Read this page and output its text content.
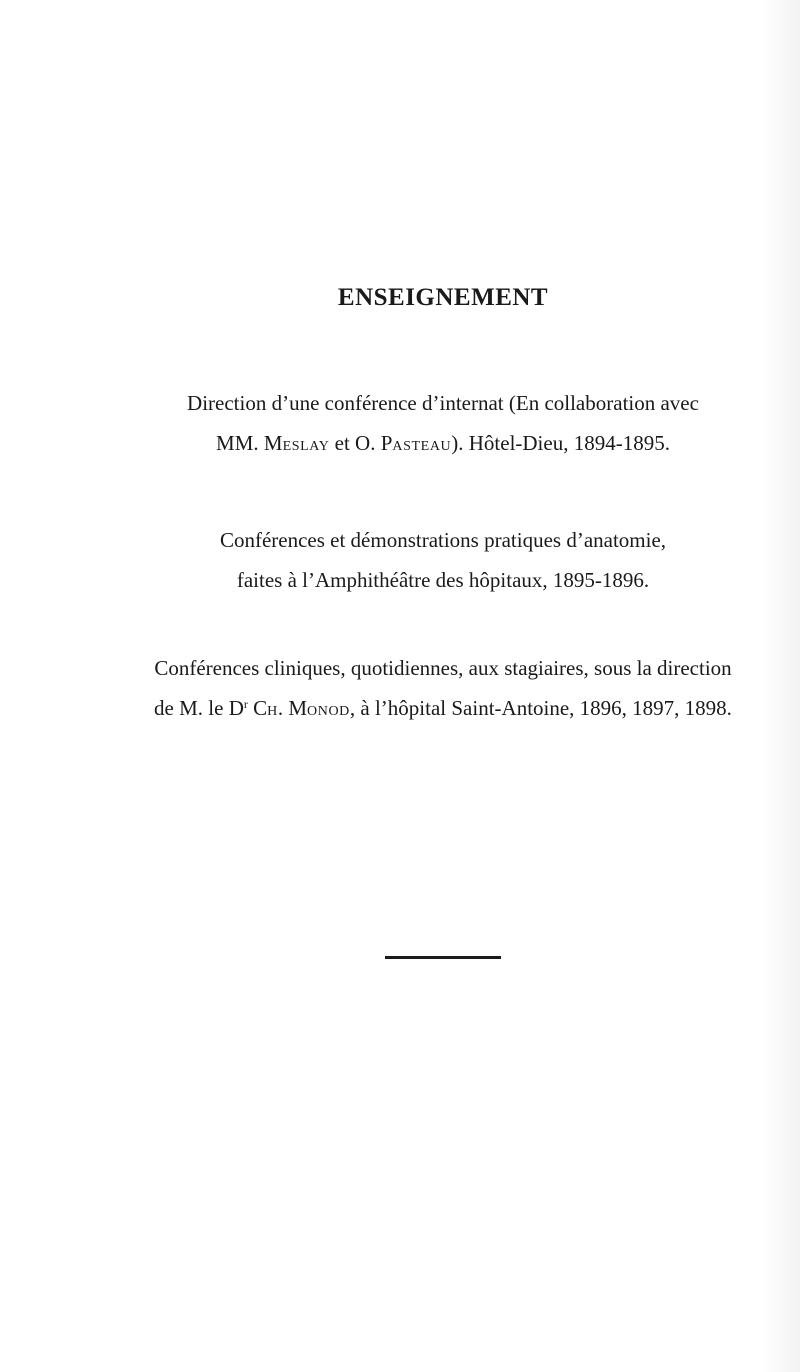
ENSEIGNEMENT

Direction d’une conférence d’internat (En collaboration avec
MM. MESLAY et O. PASTEAU). Hôtel-Dieu, 1894-1895.

Conférences et démonstrations pratiques d’anatomie,
faites à l’Amphithéâtre des hôpitaux, 1895-1896.

Conférences cliniques, quotidiennes, aux stagiaires, sous la direction
de M. le $D^r$ CH. MONOD, à l’hôpital Saint-Antoine, 1896, 1897, 1898.
